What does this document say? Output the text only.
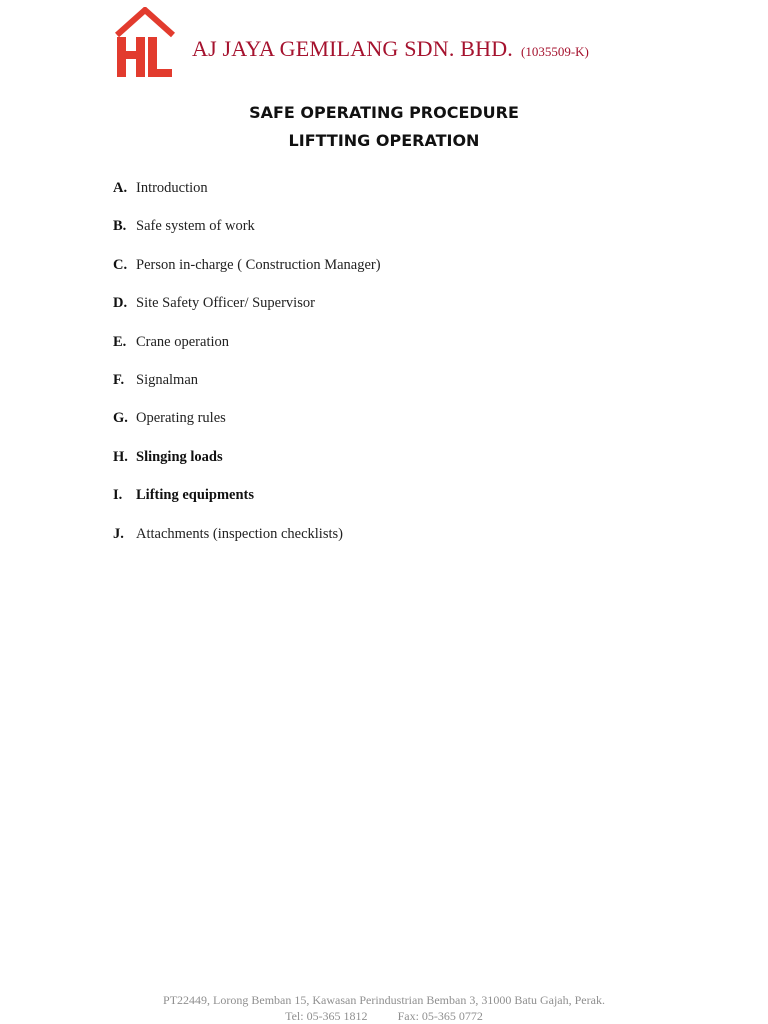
AJ JAYA GEMILANG SDN. BHD. (1035509-K)
SAFE OPERATING PROCEDURE
LIFTTING OPERATION
A. Introduction
B. Safe system of work
C. Person in-charge ( Construction Manager)
D. Site Safety Officer/ Supervisor
E. Crane operation
F. Signalman
G. Operating rules
H. Slinging loads
I. Lifting equipments
J. Attachments (inspection checklists)
PT22449, Lorong Bemban 15, Kawasan Perindustrian Bemban 3, 31000 Batu Gajah, Perak.
Tel: 05-365 1812	Fax: 05-365 0772
